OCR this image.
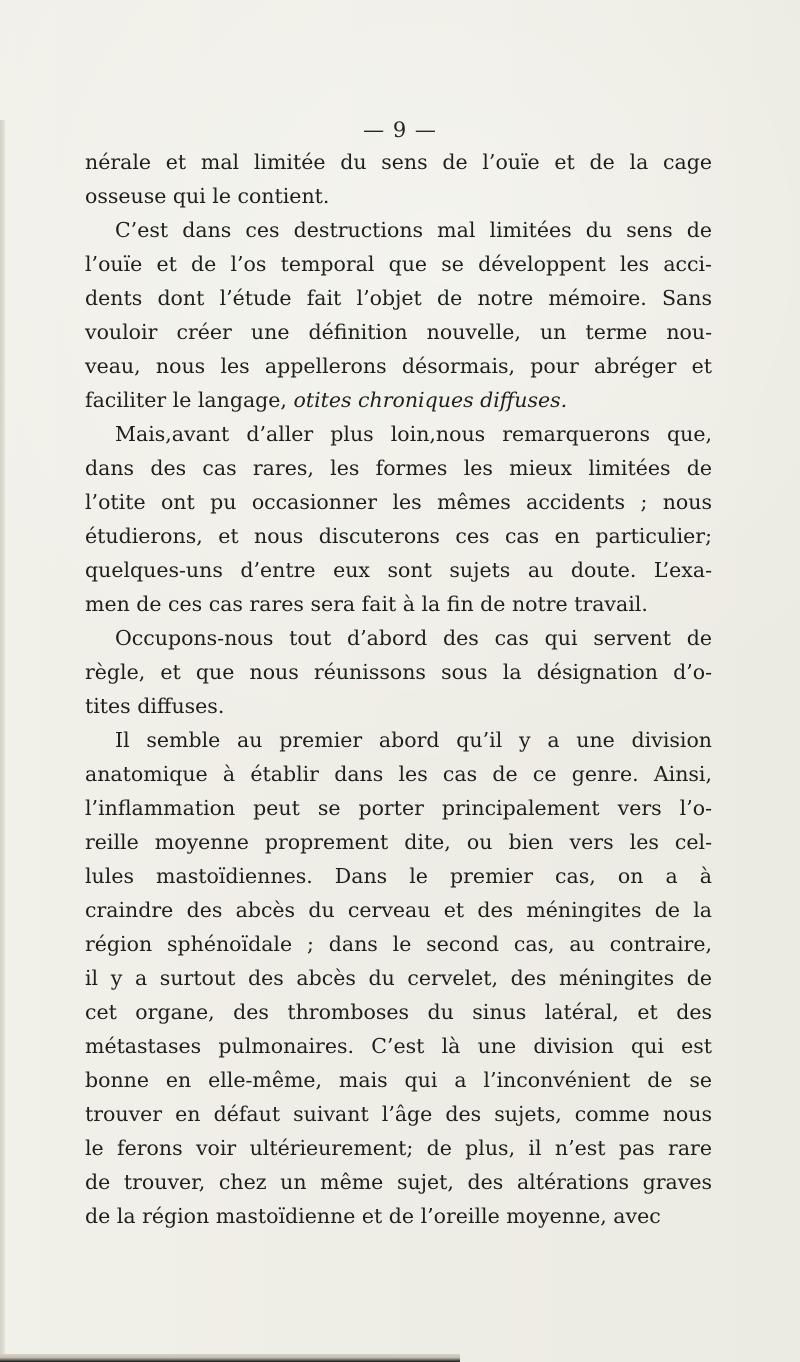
— 9 —
nérale et mal limitée du sens de l’ouïe et de la cage
osseuse qui le contient.
C’est dans ces destructions mal limitées du sens de
l’ouïe et de l’os temporal que se développent les acci-
dents dont l’étude fait l’objet de notre mémoire. Sans
vouloir créer une définition nouvelle, un terme nou-
veau, nous les appellerons désormais, pour abréger et
faciliter le langage, otites chroniques diffuses.
Mais,avant d’aller plus loin,nous remarquerons que,
dans des cas rares, les formes les mieux limitées de
l’otite ont pu occasionner les mêmes accidents ; nous
étudierons, et nous discuterons ces cas en particulier;
quelques-uns d’entre eux sont sujets au doute. L’exa-
men de ces cas rares sera fait à la fin de notre travail.
Occupons-nous tout d’abord des cas qui servent de
règle, et que nous réunissons sous la désignation d’o-
tites diffuses.
Il semble au premier abord qu’il y a une division
anatomique à établir dans les cas de ce genre. Ainsi,
l’inflammation peut se porter principalement vers l’o-
reille moyenne proprement dite, ou bien vers les cel-
lules mastoïdiennes. Dans le premier cas, on a à
craindre des abcès du cerveau et des méningites de la
région sphénoïdale ; dans le second cas, au contraire,
il y a surtout des abcès du cervelet, des méningites de
cet organe, des thromboses du sinus latéral, et des
métastases pulmonaires. C’est là une division qui est
bonne en elle-même, mais qui a l’inconvénient de se
trouver en défaut suivant l’âge des sujets, comme nous
le ferons voir ultérieurement; de plus, il n’est pas rare
de trouver, chez un même sujet, des altérations graves
de la région mastoïdienne et de l’oreille moyenne, avec
